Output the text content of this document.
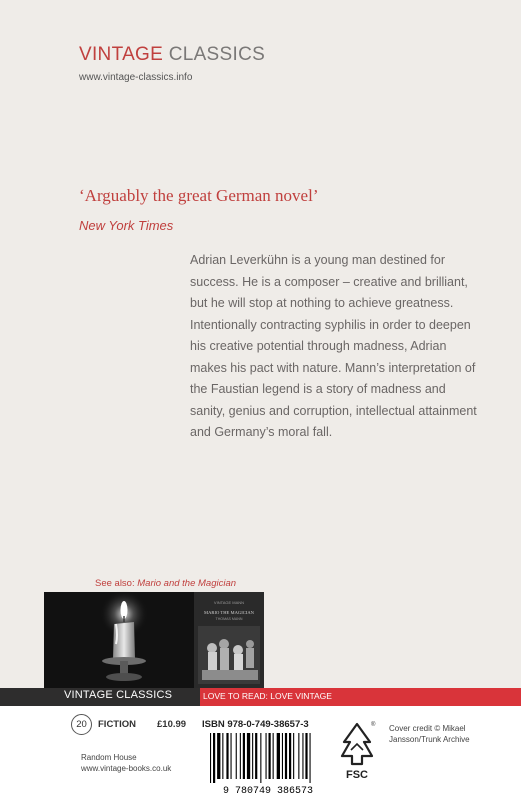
VINTAGE CLASSICS
www.vintage-classics.info
‘Arguably the great German novel’
New York Times
Adrian Leverkühn is a young man destined for success. He is a composer – creative and brilliant, but he will stop at nothing to achieve greatness. Intentionally contracting syphilis in order to deepen his creative potential through madness, Adrian makes his pact with nature. Mann’s interpretation of the Faustian legend is a story of madness and sanity, genius and corruption, intellectual attainment and Germany’s moral fall.
See also: Mario and the Magician
VINTAGE MANN
MARIO THE MAGICIAN
THOMAS MANN
VINTAGE CLASSICS	LOVE TO READ: LOVE VINTAGE
20	FICTION £10.99
Random House
www.vintage-books.co.uk
ISBN 978-0-749-38657-3
9 780749 386573
®
FSC
Cover credit © Mikael Jansson/Trunk Archive
